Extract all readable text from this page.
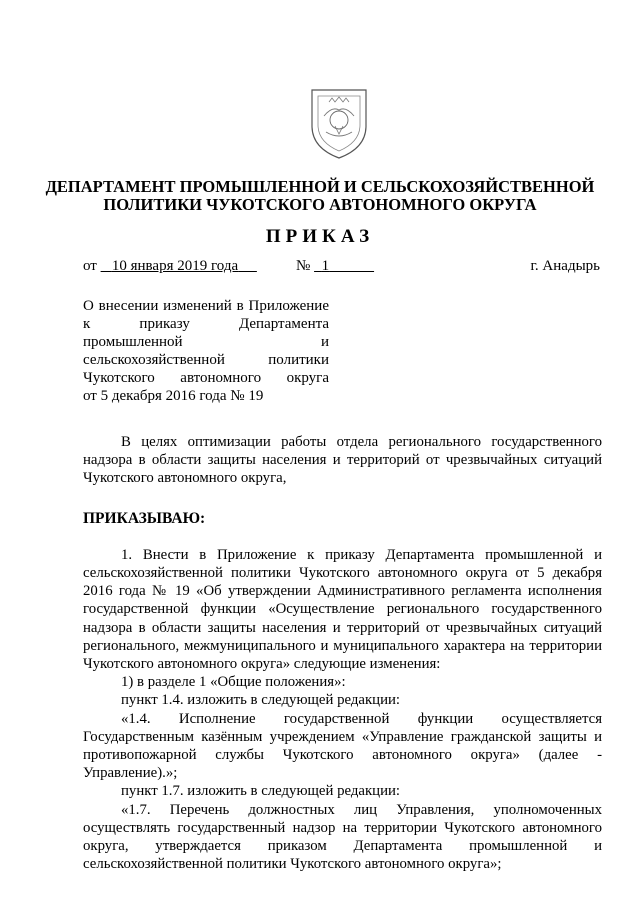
ДЕПАРТАМЕНТ ПРОМЫШЛЕННОЙ И СЕЛЬСКОХОЗЯЙСТВЕННОЙ
ПОЛИТИКИ ЧУКОТСКОГО АВТОНОМНОГО ОКРУГА
ПРИКАЗ
от 10 января 2019 года	№ 1	г. Анадырь
О внесении изменений в Приложение
к приказу Департамента
промышленной и
сельскохозяйственной политики
Чукотского автономного округа
от 5 декабря 2016 года № 19

В целях оптимизации работы отдела регионального государственного надзора в области защиты населения и территорий от чрезвычайных ситуаций Чукотского автономного округа,

ПРИКАЗЫВАЮ:

1. Внести в Приложение к приказу Департамента промышленной и сельскохозяйственной политики Чукотского автономного округа от 5 декабря 2016 года № 19 «Об утверждении Административного регламента исполнения государственной функции «Осуществление регионального государственного надзора в области защиты населения и территорий от чрезвычайных ситуаций регионального, межмуниципального и муниципального характера на территории Чукотского автономного округа» следующие изменения:

1) в разделе 1 «Общие положения»:

пункт 1.4. изложить в следующей редакции:

«1.4. Исполнение государственной функции осуществляется Государственным казённым учреждением «Управление гражданской защиты и противопожарной службы Чукотского автономного округа» (далее - Управление).»;

пункт 1.7. изложить в следующей редакции:

«1.7. Перечень должностных лиц Управления, уполномоченных осуществлять государственный надзор на территории Чукотского автономного округа, утверждается приказом Департамента промышленной и сельскохозяйственной политики Чукотского автономного округа»;
